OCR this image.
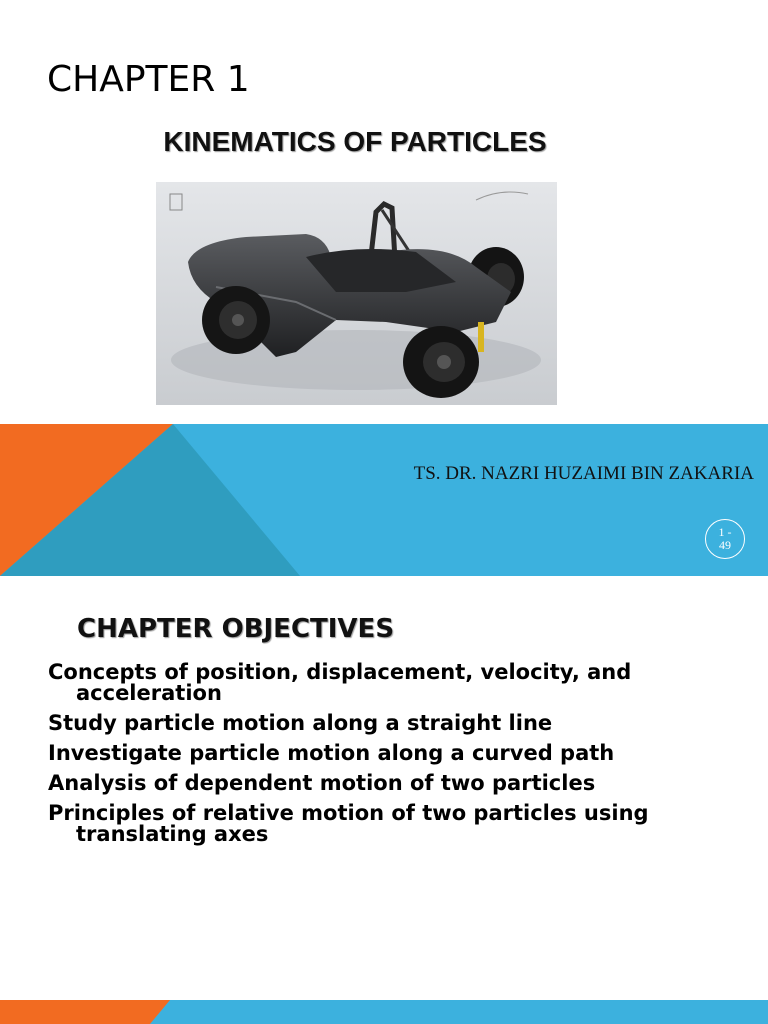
CHAPTER 1
KINEMATICS OF PARTICLES
TS. DR. NAZRI HUZAIMI BIN ZAKARIA
1 - 49
CHAPTER OBJECTIVES
Concepts of position, displacement, velocity, and acceleration
Study particle motion along a straight line
Investigate particle motion along a curved path
Analysis of dependent motion of two particles
Principles of relative motion of two particles using translating axes
